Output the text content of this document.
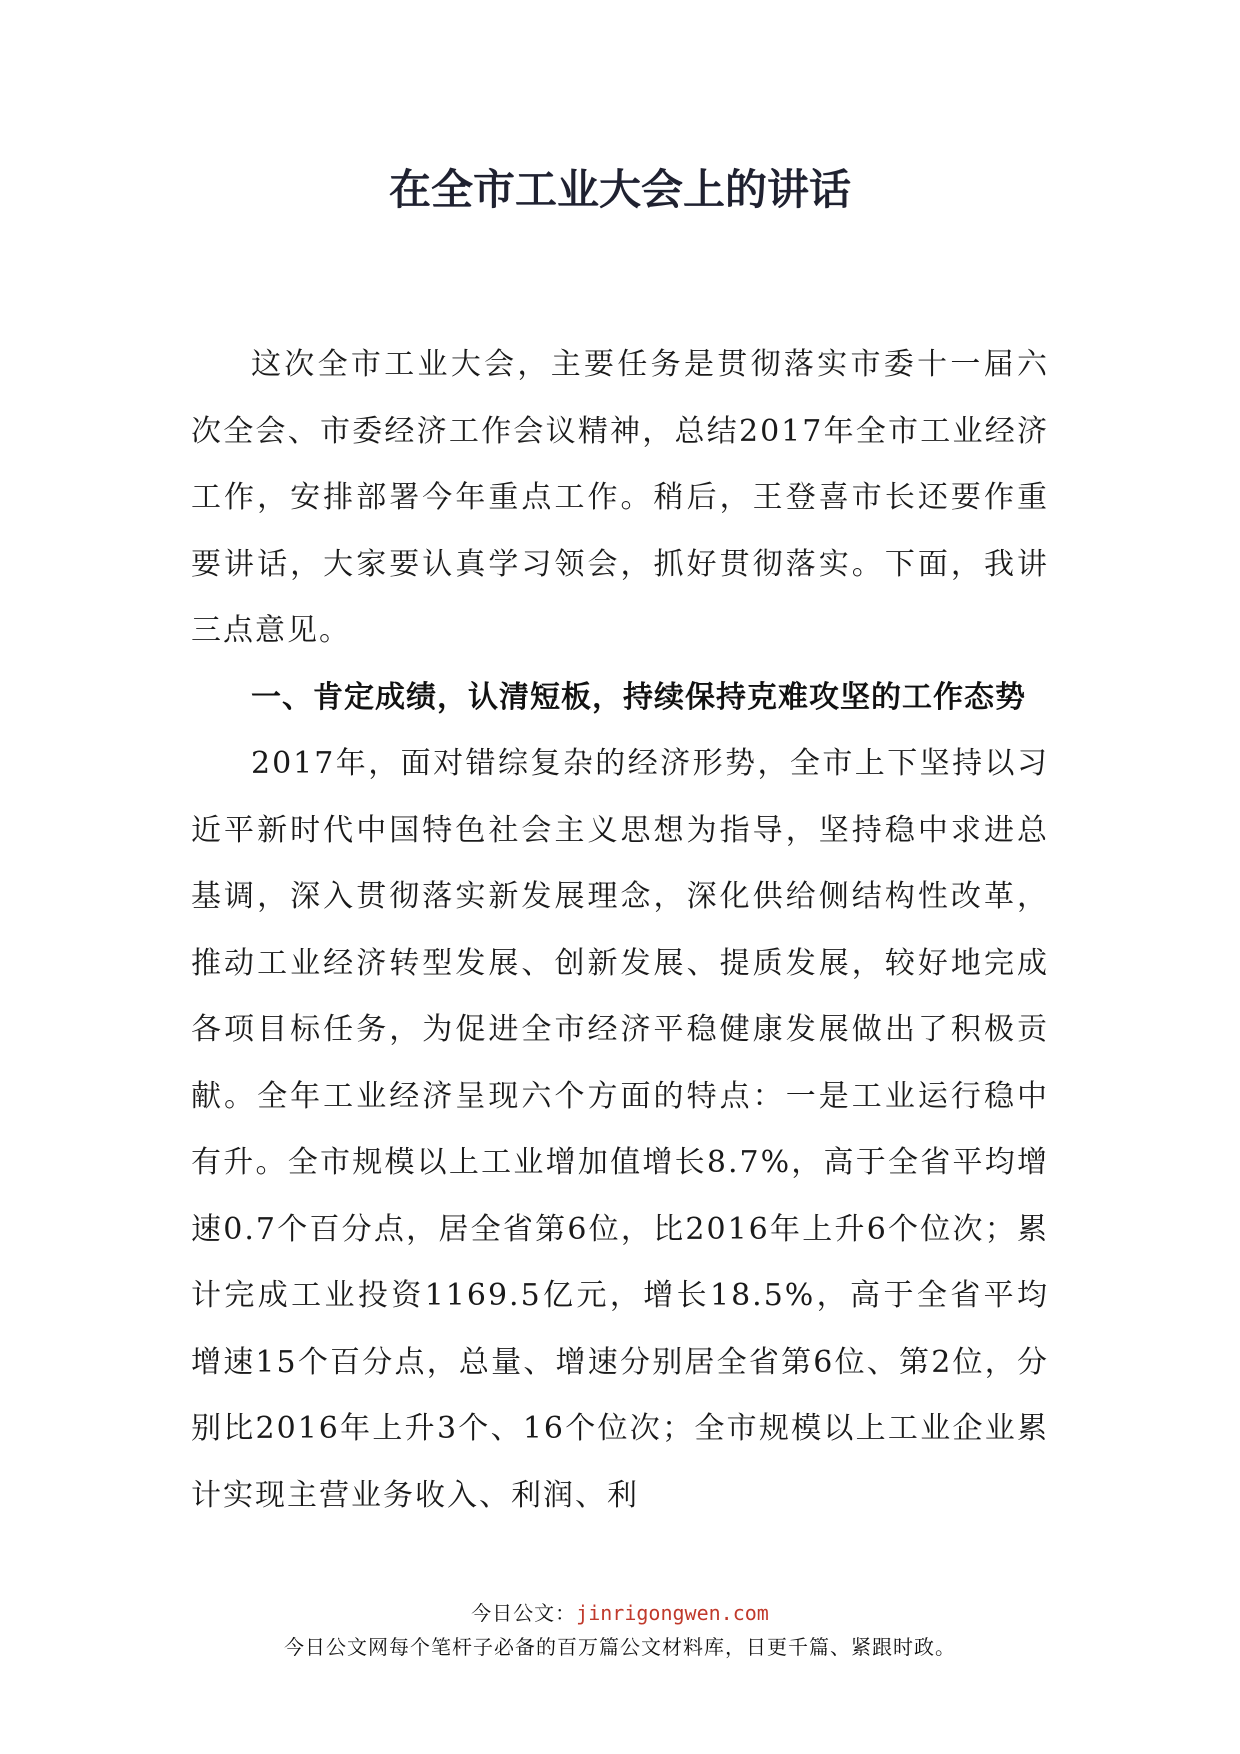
在全市工业大会上的讲话

这次全市工业大会，主要任务是贯彻落实市委十一届六次全会、市委经济工作会议精神，总结2017年全市工业经济工作，安排部署今年重点工作。稍后，王登喜市长还要作重要讲话，大家要认真学习领会，抓好贯彻落实。下面，我讲三点意见。

一、肯定成绩，认清短板，持续保持克难攻坚的工作态势

2017年，面对错综复杂的经济形势，全市上下坚持以习近平新时代中国特色社会主义思想为指导，坚持稳中求进总基调，深入贯彻落实新发展理念，深化供给侧结构性改革，推动工业经济转型发展、创新发展、提质发展，较好地完成各项目标任务，为促进全市经济平稳健康发展做出了积极贡献。全年工业经济呈现六个方面的特点：一是工业运行稳中有升。全市规模以上工业增加值增长8.7%，高于全省平均增速0.7个百分点，居全省第6位，比2016年上升6个位次；累计完成工业投资1169.5亿元，增长18.5%，高于全省平均增速15个百分点，总量、增速分别居全省第6位、第2位，分别比2016年上升3个、16个位次；全市规模以上工业企业累计实现主营业务收入、利润、利

今日公文：jinrigongwen.com
今日公文网每个笔杆子必备的百万篇公文材料库，日更千篇、紧跟时政。
